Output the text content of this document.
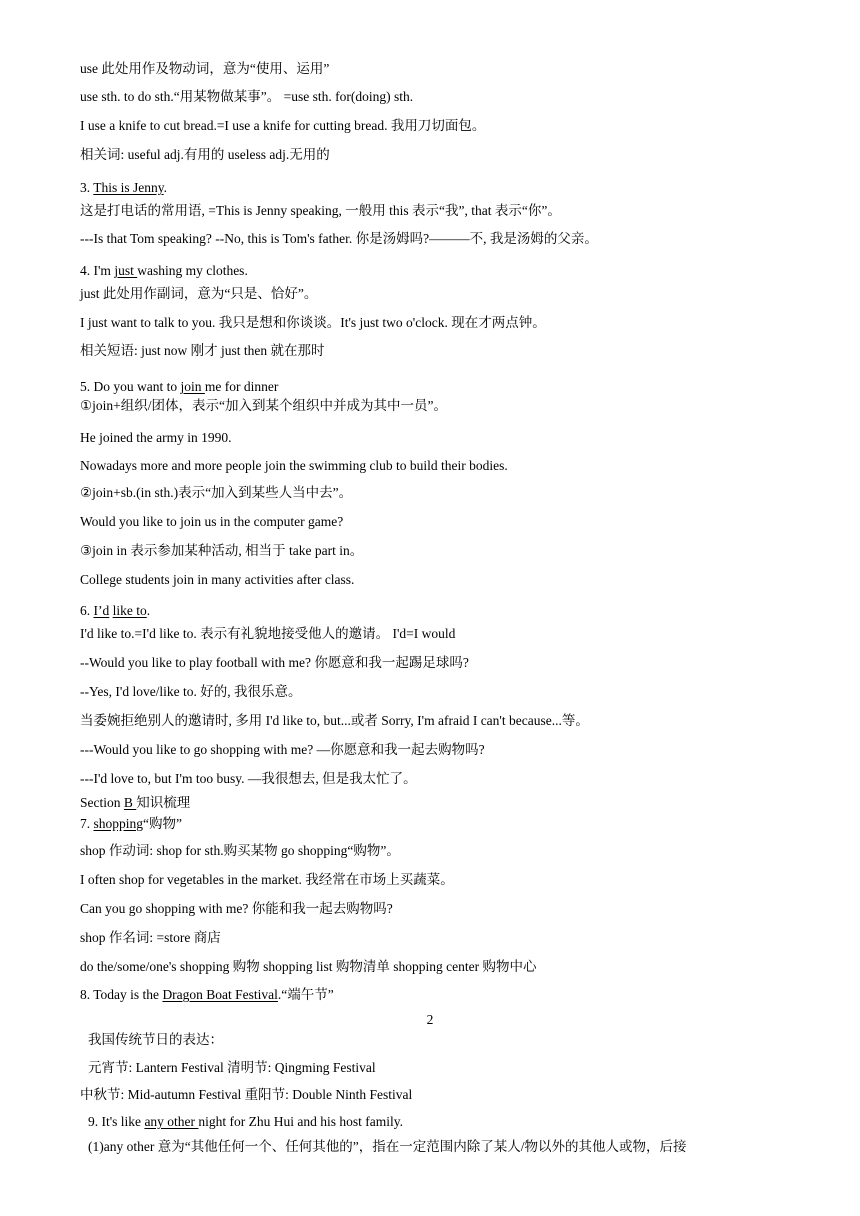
use 此处用作及物动词，意为“使用、运用”
use sth. to do sth.“用某物做某事”。 =use sth. for(doing) sth.
I use a knife to cut bread.=I use a knife for cutting bread. 我用刀切面包。
相关词: useful adj.有用的 useless adj.无用的
3. This is Jenny.
这是打电话的常用语, =This is Jenny speaking, 一般用 this 表示“我”, that 表示“你”。
---Is that Tom speaking? --No, this is Tom's father. 你是汤姆吗?———不, 我是汤姆的父亲。
4. I'm just washing my clothes.
just 此处用作副词，意为“只是、恰好”。
I just want to talk to you. 我只是想和你谈谈。It's just two o'clock. 现在才两点钟。
相关短语: just now 刚才 just then 就在那时
5. Do you want to join me for dinner
①join+组织/团体，表示“加入到某个组织中并成为其中一员”。
He joined the army in 1990.
Nowadays more and more people join the swimming club to build their bodies.
②join+sb.(in sth.)表示“加入到某些人当中去”。
Would you like to join us in the computer game?
③join in 表示参加某种活动, 相当于 take part in。
College students join in many activities after class.
6. I’d like to.
I'd like to.=I'd like to. 表示有礼貌地接受他人的邀请。 I'd=I would
--Would you like to play football with me? 你愿意和我一起踢足球吗?
--Yes, I'd love/like to. 好的, 我很乐意。
当委婉拒绝别人的邀请时, 多用 I'd like to, but...或者 Sorry, I'm afraid I can't because...等。
---Would you like to go shopping with me? —你愿意和我一起去购物吗?
---I'd love to, but I'm too busy. —我很想去, 但是我太忙了。
Section B 知识梳理
7. shopping“购物”
shop 作动词: shop for sth.购买某物 go shopping“购物”。
I often shop for vegetables in the market. 我经常在市场上买蔬菜。
Can you go shopping with me? 你能和我一起去购物吗?
shop 作名词: =store 商店
do the/some/one's shopping 购物 shopping list 购物清单 shopping center 购物中心
8. Today is the Dragon Boat Festival.“端午节”
2
我国传统节日的表达：
元宵节: Lantern Festival 清明节: Qingming Festival
中秋节: Mid-autumn Festival 重阳节: Double Ninth Festival
9. It's like any other night for Zhu Hui and his host family.
(1)any other 意为“其他任何一个、任何其他的”，指在一定范围内除了某人/物以外的其他人或物，后接
